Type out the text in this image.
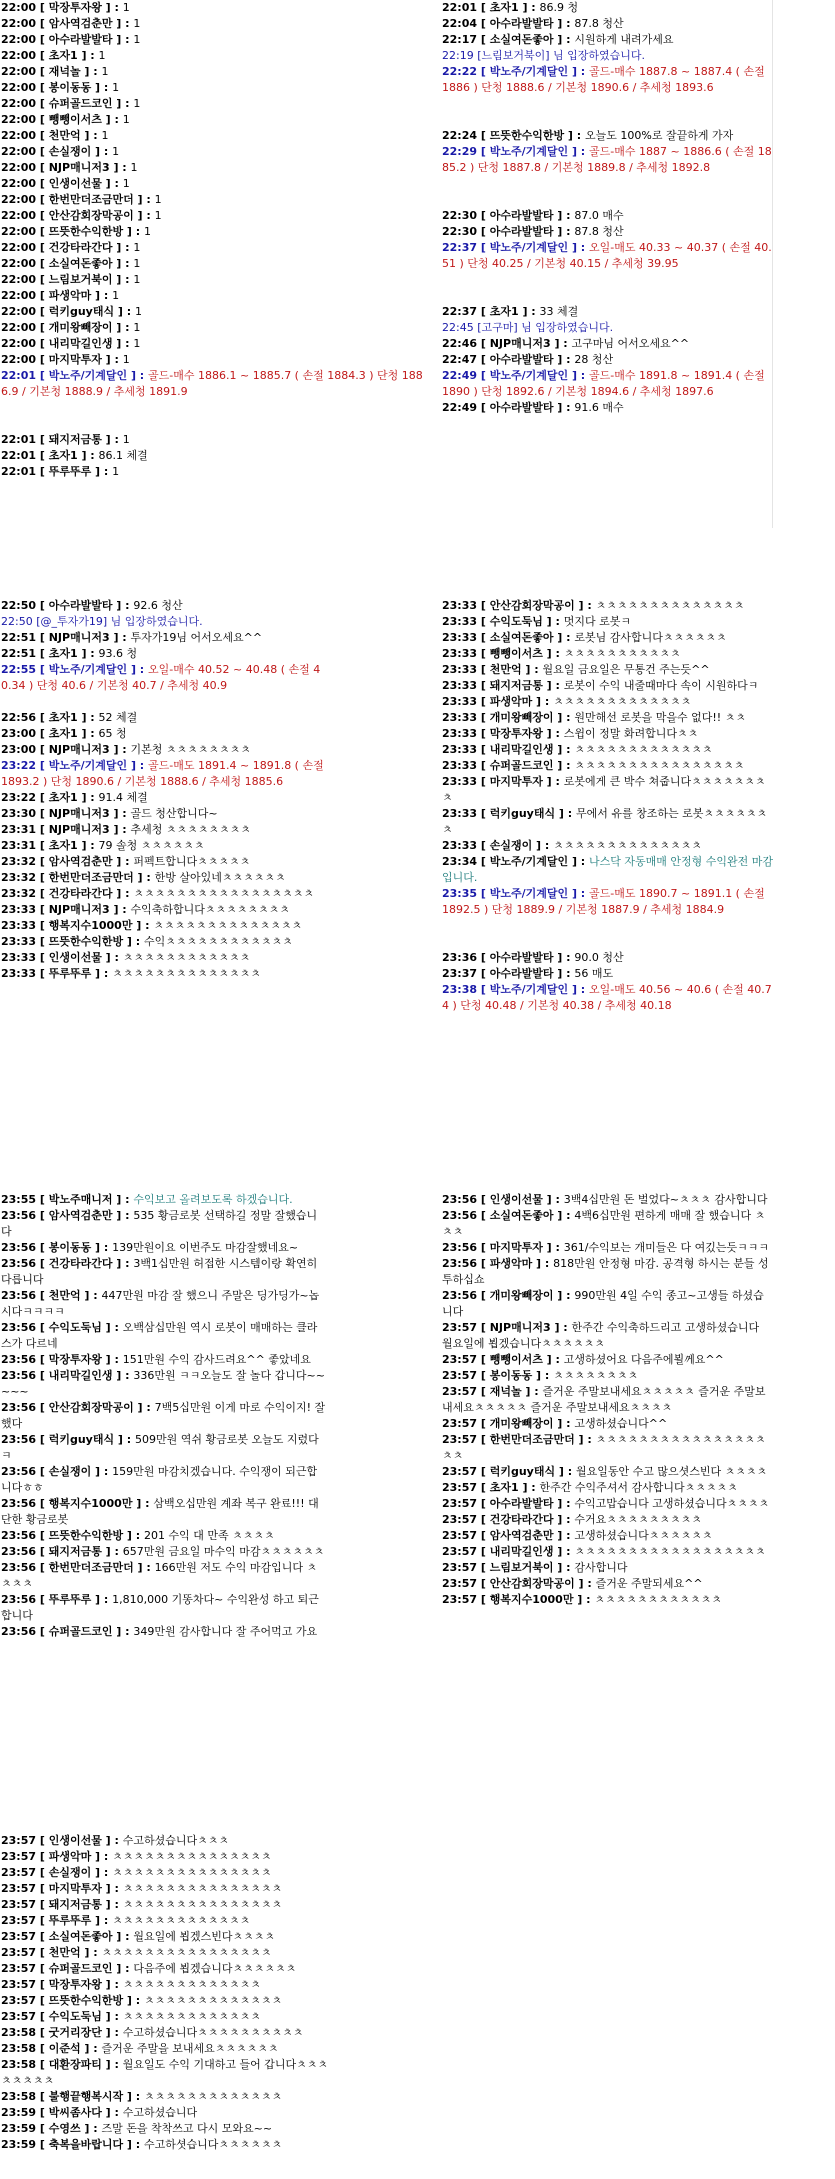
22:00 [ 막장투자왕 ] : 1
22:00 [ 암사역검춘만 ] : 1
22:00 [ 아수라발발타 ] : 1
22:00 [ 초자1 ] : 1
22:00 [ 재넉놀 ] : 1
22:00 [ 봉이동동 ] : 1
22:00 [ 슈퍼골드코인 ] : 1
22:00 [ 뺑뺑이서츠 ] : 1
22:00 [ 천만억 ] : 1
22:00 [ 손실쟁이 ] : 1
22:00 [ NJP매니저3 ] : 1
22:00 [ 인생이선물 ] : 1
22:00 [ 한번만더조금만더 ] : 1
22:00 [ 안산감회장막공이 ] : 1
22:00 [ 뜨뜻한수익한방 ] : 1
22:00 [ 건강타라간다 ] : 1
22:00 [ 소실여돈좋아 ] : 1
22:00 [ 느림보거북이 ] : 1
22:00 [ 파생악마 ] : 1
22:00 [ 럭키guy태식 ] : 1
22:00 [ 개미왕빼장이 ] : 1
22:00 [ 내리막길인생 ] : 1
22:00 [ 마지막투자 ] : 1
22:01 [ 박노주/기계달인 ] : 골드-매수 1886.1 ~ 1885.7 ( 손절 1884.3 ) 단청 1886.9 / 기본청 1888.9 / 추세청 1891.9
22:01 [ 돼지저금통 ] : 1
22:01 [ 초자1 ] : 86.1 체결
22:01 [ 뚜루뚜루 ] : 1
22:01 [ 초자1 ] : 86.9 청
22:04 [ 아수라발발타 ] : 87.8 청산
22:17 [ 소실여돈좋아 ] : 시원하게 내려가세요
22:19 [느림보거북이] 님 입장하였습니다.
22:22 [ 박노주/기계달인 ] : 골드-매수 1887.8 ~ 1887.4 ( 손절 1886 ) 단청 1888.6 / 기본청 1890.6 / 추세청 1893.6
22:24 [ 뜨뜻한수익한방 ] : 오늘도 100%로 잘끝하게 가자
22:29 [ 박노주/기계달인 ] : 골드-매수 1887 ~ 1886.6 ( 손절 1885.2 ) 단청 1887.8 / 기본청 1889.8 / 추세청 1892.8
22:30 [ 아수라발발타 ] : 87.0 매수
22:30 [ 아수라발발타 ] : 87.8 청산
22:37 [ 박노주/기계달인 ] : 오일-매도 40.33 ~ 40.37 ( 손절 40.51 ) 단청 40.25 / 기본청 40.15 / 추세청 39.95
22:37 [ 초자1 ] : 33 체결
22:45 [고구마] 님 입장하였습니다.
22:46 [ NJP매니저3 ] : 고구마님 어서오세요^^
22:47 [ 아수라발발타 ] : 28 청산
22:49 [ 박노주/기계달인 ] : 골드-매수 1891.8 ~ 1891.4 ( 손절 1890 ) 단청 1892.6 / 기본청 1894.6 / 추세청 1897.6
22:49 [ 아수라발발타 ] : 91.6 매수
22:50 [ 아수라발발타 ] : 92.6 청산
22:50 [@_투자가19] 님 입장하였습니다.
22:51 [ NJP매니저3 ] : 투자가19님 어서오세요^^
22:51 [ 초자1 ] : 93.6 청
22:55 [ 박노주/기계달인 ] : 오일-매수 40.52 ~ 40.48 ( 손절 40.34 ) 단청 40.6 / 기본청 40.7 / 추세청 40.9
22:56 [ 초자1 ] : 52 체결
23:00 [ 초자1 ] : 65 청
23:00 [ NJP매니저3 ] : 기본청 ㅊㅊㅊㅊㅊㅊㅊㅊ
23:22 [ 박노주/기계달인 ] : 골드-매도 1891.4 ~ 1891.8 ( 손절 1893.2 ) 단청 1890.6 / 기본청 1888.6 / 추세청 1885.6
23:22 [ 초자1 ] : 91.4 체결
23:30 [ NJP매니저3 ] : 골드 청산합니다~
23:31 [ NJP매니저3 ] : 추세청 ㅊㅊㅊㅊㅊㅊㅊㅊ
23:31 [ 초자1 ] : 79 솔청 ㅊㅊㅊㅊㅊㅊ
23:32 [ 암사역검춘만 ] : 퍼펙트합니다ㅊㅊㅊㅊㅊ
23:32 [ 한번만더조금만더 ] : 한방 살아있네ㅊㅊㅊㅊㅊㅊ
23:32 [ 건강타라간다 ] : ㅊㅊㅊㅊㅊㅊㅊㅊㅊㅊㅊㅊㅊㅊㅊㅊㅊ
23:33 [ NJP매니저3 ] : 수익축하합니다ㅊㅊㅊㅊㅊㅊㅊㅊ
23:33 [ 행복지수1000만 ] : ㅊㅊㅊㅊㅊㅊㅊㅊㅊㅊㅊㅊㅊㅊ
23:33 [ 뜨뜻한수익한방 ] : 수익ㅊㅊㅊㅊㅊㅊㅊㅊㅊㅊㅊㅊ
23:33 [ 인생이선물 ] : ㅊㅊㅊㅊㅊㅊㅊㅊㅊㅊㅊㅊ
23:33 [ 뚜루뚜루 ] : ㅊㅊㅊㅊㅊㅊㅊㅊㅊㅊㅊㅊㅊㅊ
23:33 [ 안산감회장막공이 ] : ㅊㅊㅊㅊㅊㅊㅊㅊㅊㅊㅊㅊㅊㅊ
23:33 [ 수익도둑님 ] : 멋지다 로봇ㅋ
23:33 [ 소실여돈좋아 ] : 로봇님 감사합니다ㅊㅊㅊㅊㅊㅊ
23:33 [ 뺑뺑이서츠 ] : ㅊㅊㅊㅊㅊㅊㅊㅊㅊㅊㅊ
23:33 [ 천만억 ] : 월요일 금요일은 무통건 주는듯^^
23:33 [ 돼지저금통 ] : 로봇이 수익 내줄때마다 속이 시원하다ㅋ
23:33 [ 파생악마 ] : ㅊㅊㅊㅊㅊㅊㅊㅊㅊㅊㅊㅊㅊ
23:33 [ 개미왕빼장이 ] : 원만해선 로봇을 막을수 없다!! ㅊㅊ
23:33 [ 막장투자왕 ] : 스윕이 정말 화려합니다ㅊㅊ
23:33 [ 내리막길인생 ] : ㅊㅊㅊㅊㅊㅊㅊㅊㅊㅊㅊㅊㅊ
23:33 [ 슈퍼골드코인 ] : ㅊㅊㅊㅊㅊㅊㅊㅊㅊㅊㅊㅊㅊㅊㅊㅊ
23:33 [ 마지막투자 ] : 로봇에게 큰 박수 쳐줍니다ㅊㅊㅊㅊㅊㅊㅊㅊ
23:33 [ 럭키guy태식 ] : 무에서 유를 창조하는 로봇ㅊㅊㅊㅊㅊㅊㅊ
23:33 [ 손실쟁이 ] : ㅊㅊㅊㅊㅊㅊㅊㅊㅊㅊㅊㅊㅊㅊ
23:34 [ 박노주/기계달인 ] : 나스닥 자동매매 안정형 수익완전 마감입니다.
23:35 [ 박노주/기계달인 ] : 골드-매도 1890.7 ~ 1891.1 ( 손절 1892.5 ) 단청 1889.9 / 기본청 1887.9 / 추세청 1884.9
23:36 [ 아수라발발타 ] : 90.0 청산
23:37 [ 아수라발발타 ] : 56 매도
23:38 [ 박노주/기계달인 ] : 오일-매도 40.56 ~ 40.6 ( 손절 40.74 ) 단청 40.48 / 기본청 40.38 / 추세청 40.18
23:55 [ 박노주매니저 ] : 수익보고 올려보도록 하겠습니다.
23:56 [ 암사역검춘만 ] : 535 황금로봇 선택하길 정말 잘했습니다
23:56 [ 봉이동동 ] : 139만원이요 이번주도 마감잘했네요~
23:56 [ 건강타라간다 ] : 3백1십만원 허접한 시스템이랑 확연히 다릅니다
23:56 [ 천만억 ] : 447만원 마감 잘 했으니 주말은 딩가딩가~놉시다ㅋㅋㅋㅋ
23:56 [ 수익도둑님 ] : 오백삼십만원 역시 로봇이 매매하는 클라스가 다르네
23:56 [ 막장투자왕 ] : 151만원 수익 감사드려요^^ 좋았네요
23:56 [ 내리막길인생 ] : 336만원 ㅋㅋ오늘도 잘 놀다 갑니다~~~~~
23:56 [ 안산감회장막공이 ] : 7백5십만원 이게 마로 수익이지! 잘했다
23:56 [ 럭키guy태식 ] : 509만원 역쉬 황금로봇 오늘도 지렸다ㅋ
23:56 [ 손실쟁이 ] : 159만원 마감치겠습니다. 수익쟁이 되근합니다ㅎㅎ
23:56 [ 행복지수1000만 ] : 삼백오십만원 계좌 복구 완료!!! 대단한 황금로봇
23:56 [ 뜨뜻한수익한방 ] : 201 수익 대 만족 ㅊㅊㅊㅊ
23:56 [ 돼지저금통 ] : 657만원 금요일 마수익 마감ㅊㅊㅊㅊㅊㅊ
23:56 [ 한번만더조금만더 ] : 166만원 저도 수익 마감입니다 ㅊㅊㅊㅊ
23:56 [ 뚜루뚜루 ] : 1,810,000 기똥차다~ 수익완성 하고 퇴근합니다
23:56 [ 슈퍼골드코인 ] : 349만원 감사합니다 잘 주어먹고 가요
23:56 [ 인생이선물 ] : 3백4십만원 돈 벌었다~ㅊㅊㅊ 감사합니다
23:56 [ 소실여돈좋아 ] : 4백6십만원 편하게 매매 잘 했습니다 ㅊㅊㅊ
23:56 [ 마지막투자 ] : 361/수익보는 개미들은 다 여깄는듯ㅋㅋㅋ
23:56 [ 파생악마 ] : 818만원 안정형 마감. 공격형 하시는 분들 성투하십쇼
23:56 [ 개미왕빼장이 ] : 990만원 4일 수익 종고~고생들 하셨습니다
23:57 [ NJP매니저3 ] : 한주간 수익축하드리고 고생하셨습니다 월요일에 뵙겠습니다ㅊㅊㅊㅊㅊㅊ
23:57 [ 뺑뺑이서츠 ] : 고생하셨어요 다음주에뵐께요^^
23:57 [ 봉이동동 ] : ㅊㅊㅊㅊㅊㅊㅊㅊ
23:57 [ 재넉놀 ] : 즐거운 주말보내세요ㅊㅊㅊㅊㅊ 즐거운 주말보내세요ㅊㅊㅊㅊㅊ 즐거운 주말보내세요ㅊㅊㅊㅊ
23:57 [ 개미왕빼장이 ] : 고생하셨습니다^^
23:57 [ 한번만더조금만더 ] : ㅊㅊㅊㅊㅊㅊㅊㅊㅊㅊㅊㅊㅊㅊㅊㅊㅊㅊ
23:57 [ 럭키guy태식 ] : 월요일동안 수고 많으셧스빈다 ㅊㅊㅊㅊ
23:57 [ 초자1 ] : 한주간 수익주셔서 감사합니다ㅊㅊㅊㅊㅊ
23:57 [ 아수라발발타 ] : 수익고맙습니다 고생하셨습니다ㅊㅊㅊㅊ
23:57 [ 건강타라간다 ] : 수거요ㅊㅊㅊㅊㅊㅊㅊㅊㅊ
23:57 [ 암사역검춘만 ] : 고생하셨습니다ㅊㅊㅊㅊㅊㅊ
23:57 [ 내리막길인생 ] : ㅊㅊㅊㅊㅊㅊㅊㅊㅊㅊㅊㅊㅊㅊㅊㅊㅊㅊ
23:57 [ 느림보거북이 ] : 감사합니다
23:57 [ 안산감회장막공이 ] : 즐거운 주말되세요^^
23:57 [ 행복지수1000만 ] : ㅊㅊㅊㅊㅊㅊㅊㅊㅊㅊㅊㅊ
23:57 [ 인생이선물 ] : 수고하셨습니다ㅊㅊㅊ
23:57 [ 파생악마 ] : ㅊㅊㅊㅊㅊㅊㅊㅊㅊㅊㅊㅊㅊㅊㅊ
23:57 [ 손실쟁이 ] : ㅊㅊㅊㅊㅊㅊㅊㅊㅊㅊㅊㅊㅊㅊㅊ
23:57 [ 마지막투자 ] : ㅊㅊㅊㅊㅊㅊㅊㅊㅊㅊㅊㅊㅊㅊㅊ
23:57 [ 돼지저금통 ] : ㅊㅊㅊㅊㅊㅊㅊㅊㅊㅊㅊㅊㅊㅊㅊ
23:57 [ 뚜루뚜루 ] : ㅊㅊㅊㅊㅊㅊㅊㅊㅊㅊㅊㅊㅊ
23:57 [ 소실여돈좋아 ] : 월요일에 뵙겠스빈다ㅊㅊㅊㅊ
23:57 [ 천만억 ] : ㅊㅊㅊㅊㅊㅊㅊㅊㅊㅊㅊㅊㅊㅊㅊㅊ
23:57 [ 슈퍼골드코인 ] : 다음주에 뵙겠습니다ㅊㅊㅊㅊㅊㅊ
23:57 [ 막장투자왕 ] : ㅊㅊㅊㅊㅊㅊㅊㅊㅊㅊㅊㅊㅊ
23:57 [ 뜨뜻한수익한방 ] : ㅊㅊㅊㅊㅊㅊㅊㅊㅊㅊㅊㅊㅊ
23:57 [ 수익도둑님 ] : ㅊㅊㅊㅊㅊㅊㅊㅊㅊㅊㅊㅊㅊ
23:58 [ 굿거리장단 ] : 수고하셨습니다ㅊㅊㅊㅊㅊㅊㅊㅊㅊㅊ
23:58 [ 이준석 ] : 즐거운 주말을 보내세요ㅊㅊㅊㅊㅊㅊ
23:58 [ 대환장파티 ] : 월요일도 수익 기대하고 들어 갑니다ㅊㅊㅊㅊㅊㅊㅊㅊ
23:58 [ 불행끝행복시작 ] : ㅊㅊㅊㅊㅊㅊㅊㅊㅊㅊㅊㅊㅊ
23:59 [ 박씨좀사다 ] : 수고하셨습니다
23:59 [ 수영쓰 ] : 즈말 돈을 착착쓰고 다시 모와요~~
23:59 [ 축복을바랍니다 ] : 수고하셧습니다ㅊㅊㅊㅊㅊㅊ
